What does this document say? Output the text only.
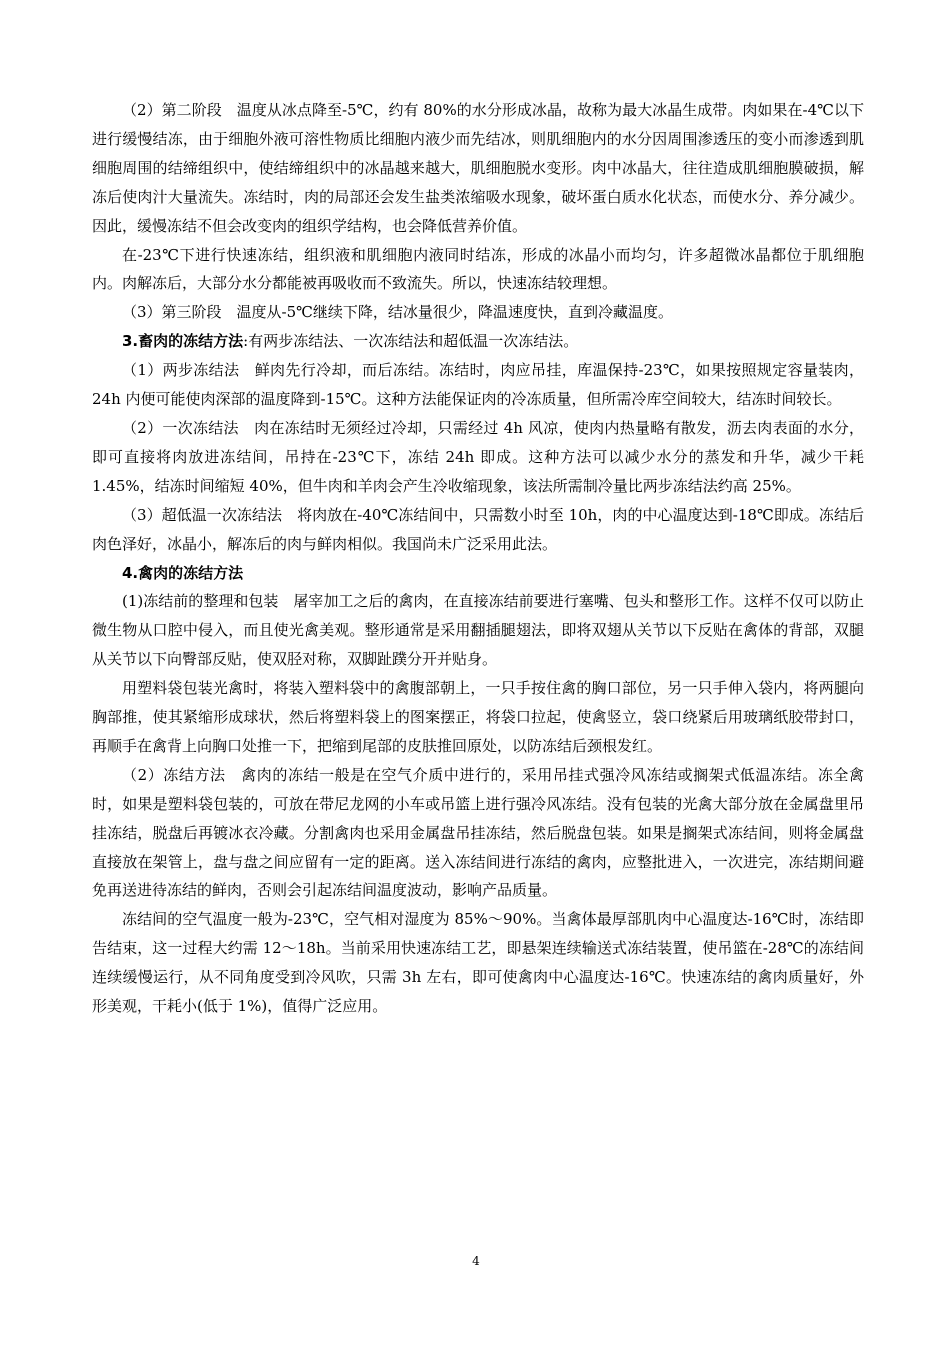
（2）第二阶段　温度从冰点降至-5℃，约有 80%的水分形成冰晶，故称为最大冰晶生成带。肉如果在-4℃以下进行缓慢结冻，由于细胞外液可溶性物质比细胞内液少而先结冰，则肌细胞内的水分因周围渗透压的变小而渗透到肌细胞周围的结缔组织中，使结缔组织中的冰晶越来越大，肌细胞脱水变形。肉中冰晶大，往往造成肌细胞膜破损，解冻后使肉汁大量流失。冻结时，肉的局部还会发生盐类浓缩吸水现象，破坏蛋白质水化状态，而使水分、养分减少。因此，缓慢冻结不但会改变肉的组织学结构，也会降低营养价值。

在-23℃下进行快速冻结，组织液和肌细胞内液同时结冻，形成的冰晶小而均匀，许多超微冰晶都位于肌细胞内。肉解冻后，大部分水分都能被再吸收而不致流失。所以，快速冻结较理想。

（3）第三阶段　温度从-5℃继续下降，结冰量很少，降温速度快，直到冷藏温度。

3.畜肉的冻结方法:有两步冻结法、一次冻结法和超低温一次冻结法。

（1）两步冻结法　鲜肉先行冷却，而后冻结。冻结时，肉应吊挂，库温保持-23℃，如果按照规定容量装肉，24h 内便可能使肉深部的温度降到-15℃。这种方法能保证肉的冷冻质量，但所需冷库空间较大，结冻时间较长。

（2）一次冻结法　肉在冻结时无须经过冷却，只需经过 4h 风凉，使肉内热量略有散发，沥去肉表面的水分，即可直接将肉放进冻结间，吊持在-23℃下，冻结 24h 即成。这种方法可以减少水分的蒸发和升华，减少干耗 1.45%，结冻时间缩短 40%，但牛肉和羊肉会产生冷收缩现象，该法所需制冷量比两步冻结法约高 25%。

（3）超低温一次冻结法　将肉放在-40℃冻结间中，只需数小时至 10h，肉的中心温度达到-18℃即成。冻结后肉色泽好，冰晶小，解冻后的肉与鲜肉相似。我国尚未广泛采用此法。

4.禽肉的冻结方法

(1)冻结前的整理和包装　屠宰加工之后的禽肉，在直接冻结前要进行塞嘴、包头和整形工作。这样不仅可以防止微生物从口腔中侵入，而且使光禽美观。整形通常是采用翻插腿翅法，即将双翅从关节以下反贴在禽体的背部，双腿从关节以下向臀部反贴，使双胫对称，双脚趾蹼分开并贴身。

用塑料袋包装光禽时，将装入塑料袋中的禽腹部朝上，一只手按住禽的胸口部位，另一只手伸入袋内，将两腿向胸部推，使其紧缩形成球状，然后将塑料袋上的图案摆正，将袋口拉起，使禽竖立，袋口绕紧后用玻璃纸胶带封口，再顺手在禽背上向胸口处推一下，把缩到尾部的皮肤推回原处，以防冻结后颈根发红。

（2）冻结方法　禽肉的冻结一般是在空气介质中进行的，采用吊挂式强冷风冻结或搁架式低温冻结。冻全禽时，如果是塑料袋包装的，可放在带尼龙网的小车或吊篮上进行强冷风冻结。没有包装的光禽大部分放在金属盘里吊挂冻结，脱盘后再镀冰衣冷藏。分割禽肉也采用金属盘吊挂冻结，然后脱盘包装。如果是搁架式冻结间，则将金属盘直接放在架管上，盘与盘之间应留有一定的距离。送入冻结间进行冻结的禽肉，应整批进入，一次进完，冻结期间避免再送进待冻结的鲜肉，否则会引起冻结间温度波动，影响产品质量。

冻结间的空气温度一般为-23℃，空气相对湿度为 85%～90%。当禽体最厚部肌肉中心温度达-16℃时，冻结即告结束，这一过程大约需 12～18h。当前采用快速冻结工艺，即悬架连续输送式冻结装置，使吊篮在-28℃的冻结间连续缓慢运行，从不同角度受到冷风吹，只需 3h 左右，即可使禽肉中心温度达-16℃。快速冻结的禽肉质量好，外形美观，干耗小(低于 1%)，值得广泛应用。

4
